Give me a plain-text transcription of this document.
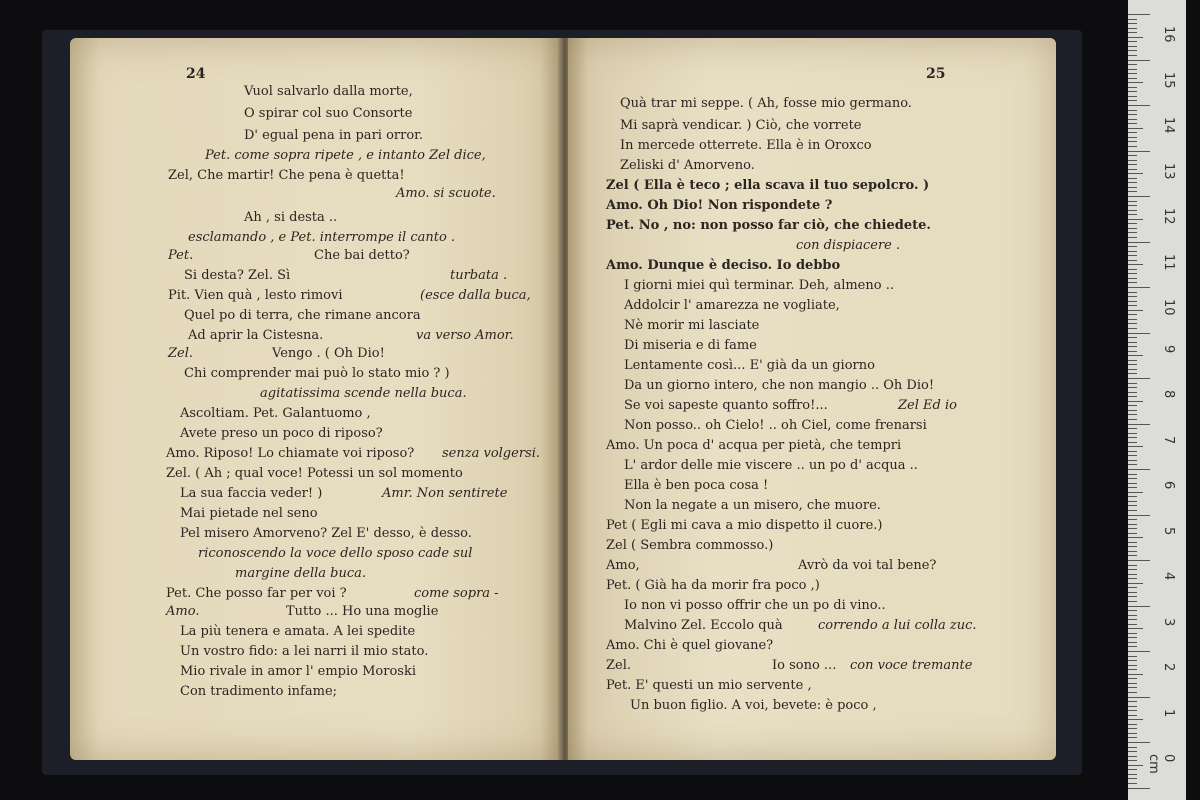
24
Vuol salvarlo dalla morte,
O spirar col suo Consorte
D' egual pena in pari orror.
Pet. come sopra ripete , e intanto Zel dice,
Zel, Che martir! Che pena è quetta!
Amo. si scuote.
Ah , si desta ..
esclamando , e Pet. interrompe il canto .
Pet.	Che bai detto?
Si desta? Zel. Sì	turbata .
Pit. Vien quà , lesto rimovi	(esce dalla buca,
Quel po di terra, che rimane ancora
Ad aprir la Cistesna.	va verso Amor.
Zel.	Vengo . ( Oh Dio!
Chi comprender mai può lo stato mio ? )
agitatissima scende nella buca.
Ascoltiam. Pet. Galantuomo ,
Avete preso un poco di riposo?
Amo. Riposo! Lo chiamate voi riposo? senza volgersi.
Zel. ( Ah ; qual voce! Potessi un sol momento
La sua faccia veder! )	Amr. Non sentirete
Mai pietade nel seno
Pel misero Amorveno? Zel E' desso, è desso.
riconoscendo la voce dello sposo cade sul
margine della buca.
Pet. Che posso far per voi ?	come sopra -
Amo.	Tutto ... Ho una moglie
La più tenera e amata. A lei spedite
Un vostro fido: a lei narri il mio stato.
Mio rivale in amor l' empio Moroski
Con tradimento infame;
25
Quà trar mi seppe. ( Ah, fosse mio germano.
Mi saprà vendicar. ) Ciò, che vorrete
In mercede otterrete. Ella è in Oroxco
Zeliski d' Amorveno.
Zel ( Ella è teco ; ella scava il tuo sepolcro. )
Amo. Oh Dio! Non rispondete ?
Pet. No , no: non posso far ciò, che chiedete.
con dispiacere .
Amo. Dunque è deciso. Io debbo
I giorni miei quì terminar. Deh, almeno ..
Addolcir l' amarezza ne vogliate,
Nè morir mi lasciate
Di miseria e di fame
Lentamente così... E' già da un giorno
Da un giorno intero, che non mangio .. Oh Dio!
Se voi sapeste quanto soffro!...	Zel Ed io
Non posso.. oh Cielo! .. oh Ciel, come frenarsi
Amo. Un poca d' acqua per pietà, che tempri
L' ardor delle mie viscere .. un po d' acqua ..
Ella è ben poca cosa !
Non la negate a un misero, che muore.
Pet ( Egli mi cava a mio dispetto il cuore.)
Zel ( Sembra commosso.)
Amo,	Avrò da voi tal bene?
Pet. ( Già ha da morir fra poco ,)
Io non vi posso offrir che un po di vino..
Malvino Zel. Eccolo quà	correndo a lui colla zuc.
Amo. Chi è quel giovane?
Zel.	Io sono ... con voce tremante
Pet. E' questi un mio servente ,
Un buon figlio. A voi, bevete: è poco ,
16
15
14
13
12
11
10
9
8
7
6
5
4
3
2
1
0 cm
